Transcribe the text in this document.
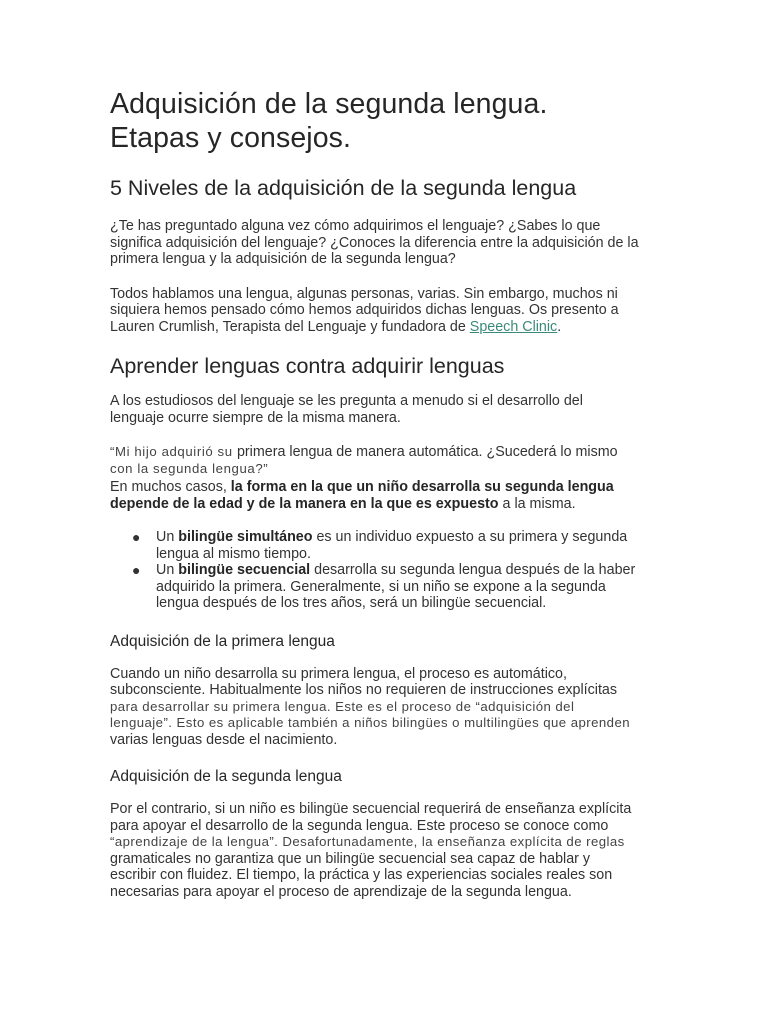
Adquisición de la segunda lengua.
Etapas y consejos.
5 Niveles de la adquisición de la segunda lengua

¿Te has preguntado alguna vez cómo adquirimos el lenguaje? ¿Sabes lo que
significa adquisición del lenguaje? ¿Conoces la diferencia entre la adquisición de la
primera lengua y la adquisición de la segunda lengua?

Todos hablamos una lengua, algunas personas, varias. Sin embargo, muchos ni
siquiera hemos pensado cómo hemos adquiridos dichas lenguas. Os presento a
Lauren Crumlish, Terapista del Lenguaje y fundadora de Speech Clinic.

Aprender lenguas contra adquirir lenguas

A los estudiosos del lenguaje se les pregunta a menudo si el desarrollo del
lenguaje ocurre siempre de la misma manera.

“Mi hijo adquirió su primera lengua de manera automática. ¿Sucederá lo mismo
con la segunda lengua?”

En muchos casos, la forma en la que un niño desarrolla su segunda lengua
depende de la edad y de la manera en la que es expuesto a la misma.

● Un bilingüe simultáneo es un individuo expuesto a su primera y segunda
lengua al mismo tiempo.
● Un bilingüe secuencial desarrolla su segunda lengua después de la haber
adquirido la primera. Generalmente, si un niño se expone a la segunda
lengua después de los tres años, será un bilingüe secuencial.
Adquisición de la primera lengua

Cuando un niño desarrolla su primera lengua, el proceso es automático,
subconsciente. Habitualmente los niños no requieren de instrucciones explícitas
para desarrollar su primera lengua. Este es el proceso de “adquisición del
lenguaje”. Esto es aplicable también a niños bilingües o multilingües que aprenden
varias lenguas desde el nacimiento.

Adquisición de la segunda lengua

Por el contrario, si un niño es bilingüe secuencial requerirá de enseñanza explícita
para apoyar el desarrollo de la segunda lengua. Este proceso se conoce como
“aprendizaje de la lengua”. Desafortunadamente, la enseñanza explícita de reglas
gramaticales no garantiza que un bilingüe secuencial sea capaz de hablar y
escribir con fluidez. El tiempo, la práctica y las experiencias sociales reales son
necesarias para apoyar el proceso de aprendizaje de la segunda lengua.
